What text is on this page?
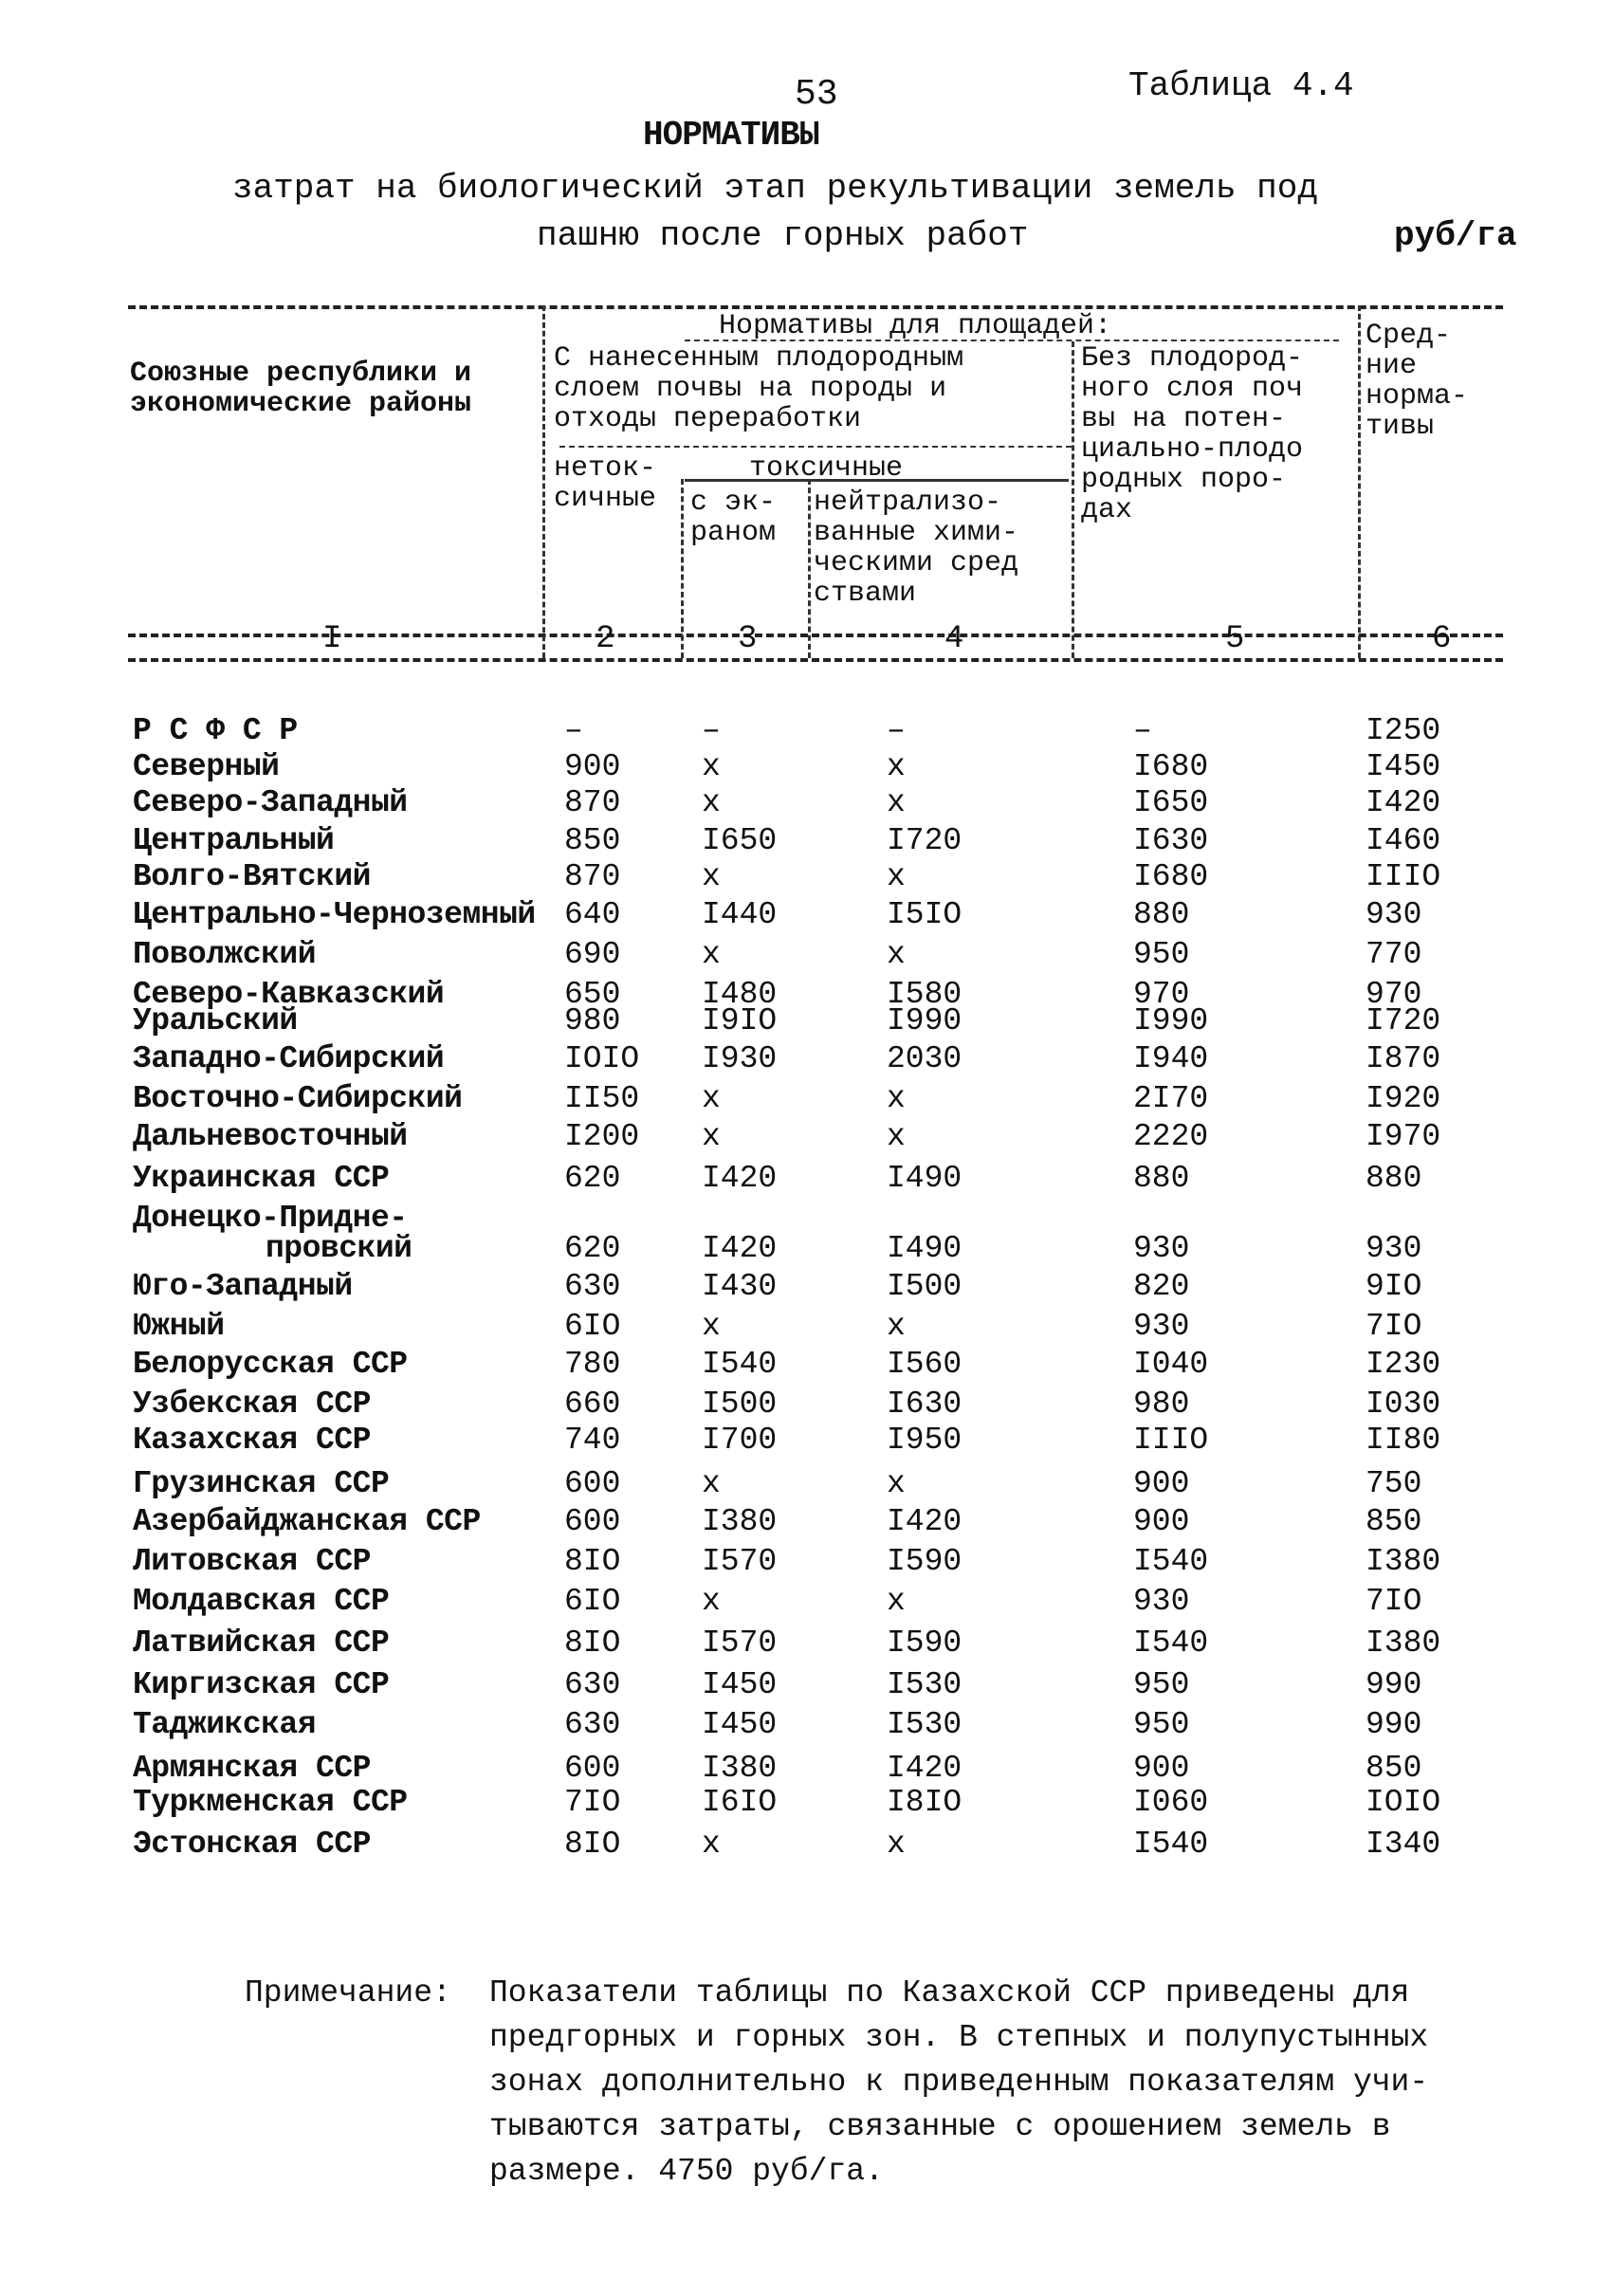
53	Таблица 4.4
НОРМАТИВЫ
затрат на биологический этап рекультивации земель под
пашню после горных работ	руб/га
Союзные республики и
экономические районы
Нормативы для площадей:
С нанесенным плодородным
слоем почвы на породы и
отходы переработки
неток-
сичные
токсичные
с эк-
раном
нейтрализо-
ванные хими-
ческими сред
ствами
Без плодород-
ного слоя поч
вы на потен-
циально-плодо
родных поро-
дах
Сред-
ние
норма-
тивы
I	2	3	4	5	6
Р С Ф С Р	–	–	–	–	I250
Северный	900	x	x	I680	I450
Северо-Западный	870	x	x	I650	I420
Центральный	850	I650	I720	I630	I460
Волго-Вятский	870	x	x	I680	IIIO
Центрально-Черноземный 640	I440	I5IO	880	930
Поволжский	690	x	x	950	770
Северо-Кавказский	650	I480	I580	970	970
Уральский	980	I9IO	I990	I990	I720
Западно-Сибирский	IOIO I930	2030	I940	I870
Восточно-Сибирский	II50 x	x	2I70	I920
Дальневосточный	I200 x	x	2220	I970
Украинская ССР	620	I420	I490	880	880
Донецко-Придне-
провский	620	I420	I490	930	930
Юго-Западный	630	I430	I500	820	9IO
Южный	6IO	x	x	930	7IO
Белорусская ССР	780	I540	I560	I040	I230
Узбекская ССР	660	I500	I630	980	I030
Казахская ССР	740	I700	I950	IIIO	II80
Грузинская ССР	600	x	x	900	750
Азербайджанская ССР	600	I380	I420	900	850
Литовская ССР	8IO	I570	I590	I540	I380
Молдавская ССР	6IO	x	x	930	7IO
Латвийская ССР	8IO	I570	I590	I540	I380
Киргизская ССР	630	I450	I530	950	990
Таджикская	630	I450	I530	950	990
Армянская ССР	600	I380	I420	900	850
Туркменская ССР	7IO	I6IO	I8IO	I060	IOIO
Эстонская ССР	8IO	x	x	I540	I340
Примечание: Показатели таблицы по Казахской ССР приведены для
предгорных и горных зон. В степных и полупустынных
зонах дополнительно к приведенным показателям учи-
тываются затраты, связанные с орошением земель в
размере. 4750 руб/га.
